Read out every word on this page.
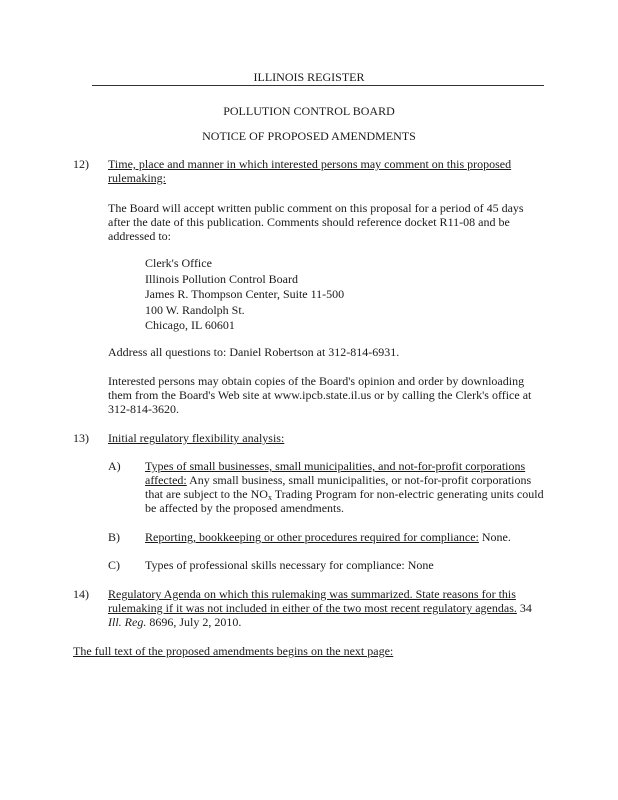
ILLINOIS REGISTER
POLLUTION CONTROL BOARD
NOTICE OF PROPOSED AMENDMENTS
12) Time, place and manner in which interested persons may comment on this proposed
rulemaking:
The Board will accept written public comment on this proposal for a period of 45 days
after the date of this publication. Comments should reference docket R11-08 and be
addressed to:
Clerk's Office
Illinois Pollution Control Board
James R. Thompson Center, Suite 11-500
100 W. Randolph St.
Chicago, IL 60601
Address all questions to: Daniel Robertson at 312-814-6931.
Interested persons may obtain copies of the Board's opinion and order by downloading
them from the Board's Web site at www.ipcb.state.il.us or by calling the Clerk's office at
312-814-3620.
13) Initial regulatory flexibility analysis:
A) Types of small businesses, small municipalities, and not-for-profit corporations
affected: Any small business, small municipalities, or not-for-profit corporations
that are subject to the $NO_x$ Trading Program for non-electric generating units could
be affected by the proposed amendments.
B) Reporting, bookkeeping or other procedures required for compliance: None.
C) Types of professional skills necessary for compliance: None
14) Regulatory Agenda on which this rulemaking was summarized. State reasons for this
rulemaking if it was not included in either of the two most recent regulatory agendas. 34
Ill. Reg. 8696, July 2, 2010.
The full text of the proposed amendments begins on the next page:
